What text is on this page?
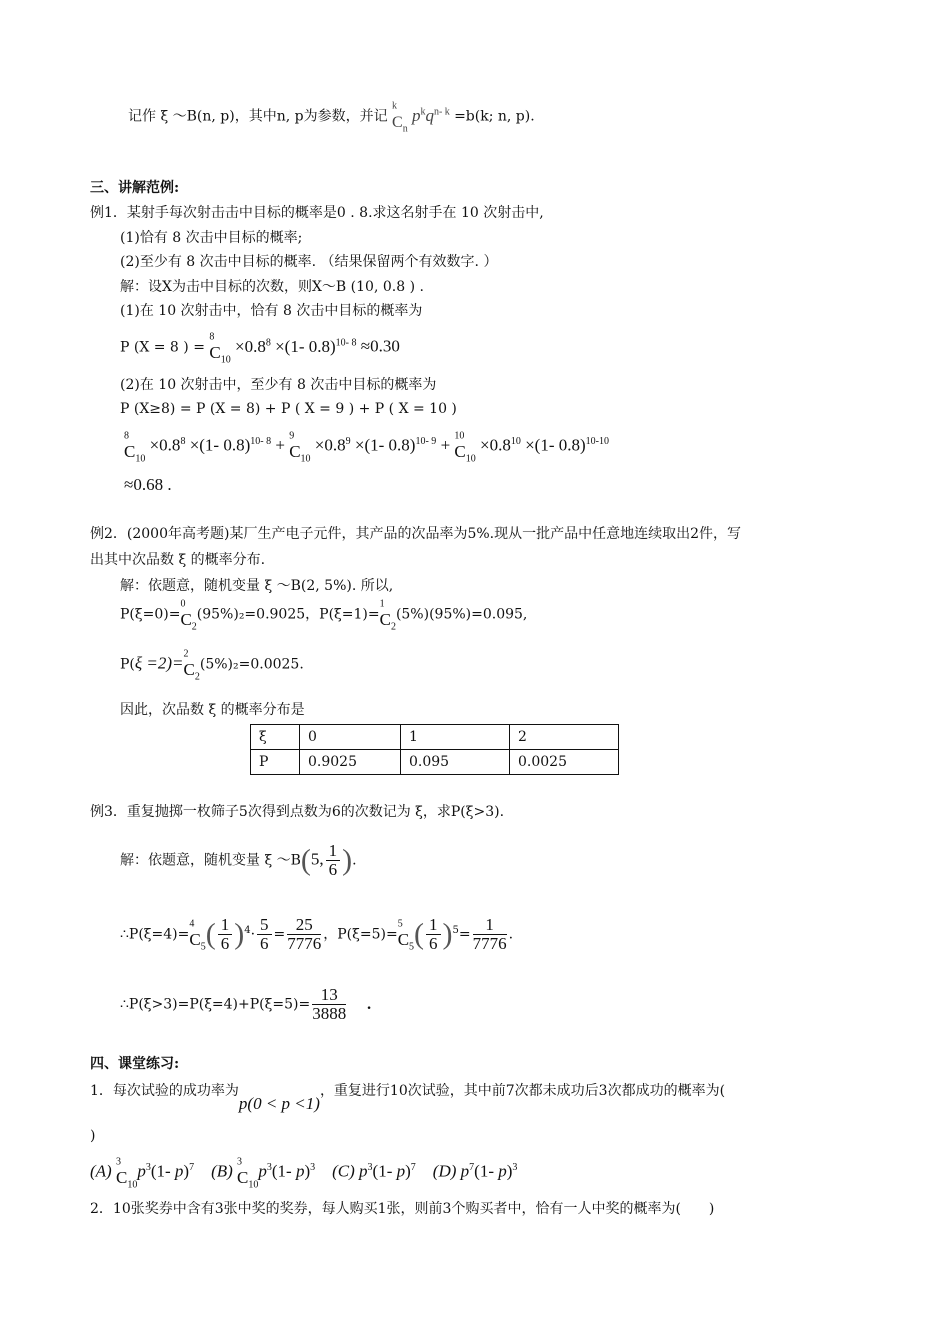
记作 ξ ～B(n, p)，其中n, p为参数，并记 $^k$
$C_n$ $p^kq^{n- k} =b(k$; n, p).
三、讲解范例:
例1．某射手每次射击击中目标的概率是0 . 8.求这名射手在 10 次射击中,
(1)恰有 8 次击中目标的概率;
(2)至少有 8 次击中目标的概率. （结果保留两个有效数字. ）
解：设X为击中目标的次数，则X～B (10, 0.8 ) .
(1)在 10 次射击中，恰有 8 次击中目标的概率为
P (X = 8 ) = $^8$
$C_{10} \times 0.8^8 \times(1-$ 0.8)$^{10- 8}$ ≈0.30
(2)在 10 次射击中，至少有 8 次击中目标的概率为
P (X≥8) = P (X = 8) + P ( X = 9 ) + P ( X = 10 )
$^8$
$C_{10} \times 0.8^8 \times(1-$ 0.8)$^{10- 8}$ + $^9$
$C_{10} \times 0.8^9 \times(1-$ 0.8)$^{10- 9}$ + $^{10}$
$C_{10} \times 0.8^{10} \times(1-$ 0.8)$^{10-10}$
≈0.68 .
例2．(2000年高考题)某厂生产电子元件，其产品的次品率为5%.现从一批产品中任意地连续取出2件，写
出其中次品数 ξ 的概率分布.
解：依题意，随机变量 ξ ～B(2, 5%). 所以,
P(ξ=0)=$^0$
$C_2(95\%)_2=0.9025$，P(ξ=1)=$^1$
$C_2(5\%)(95\%)=0.095$,
P(ξ =2)=$^2$
$C_2(5\%)_2=0.0025$.
因此，次品数 ξ 的概率分布是
ξ	0	1	2
P	0.9025	0.095	0.0025
例3．重复抛掷一枚筛子5次得到点数为6的次数记为 ξ，求P(ξ>3).
解：依题意，随机变量 ξ ～B(5, $\frac{1}{6}$ ).
∴P(ξ=4)=$^4$
$C_5( \frac{1}{6} )^4\cdot \frac{5}{6} = \frac{25}{7776}$ ，P(ξ=5)=$^5$
$C_5( \frac{1}{6} )^5= \frac{1}{7776}$ .
∴P(ξ>3)=P(ξ=4)+P(ξ=5)= $\frac{13}{3888}$ .
四、课堂练习:
1．每次试验的成功率为p(0 < p <1)，重复进行10次试验，其中前7次都未成功后3次都成功的概率为(
)
(A) $^3$
$C_{10}p^3(1-$ p)$^7$ (B) $^3$
$C_{10}p^3(1-$ p)$^3$ (C) $p^3(1-$ p)$^7$ (D) $p^7(1-$ p)$^3$
2．10张奖券中含有3张中奖的奖券，每人购买1张，则前3个购买者中，恰有一人中奖的概率为(　　)
